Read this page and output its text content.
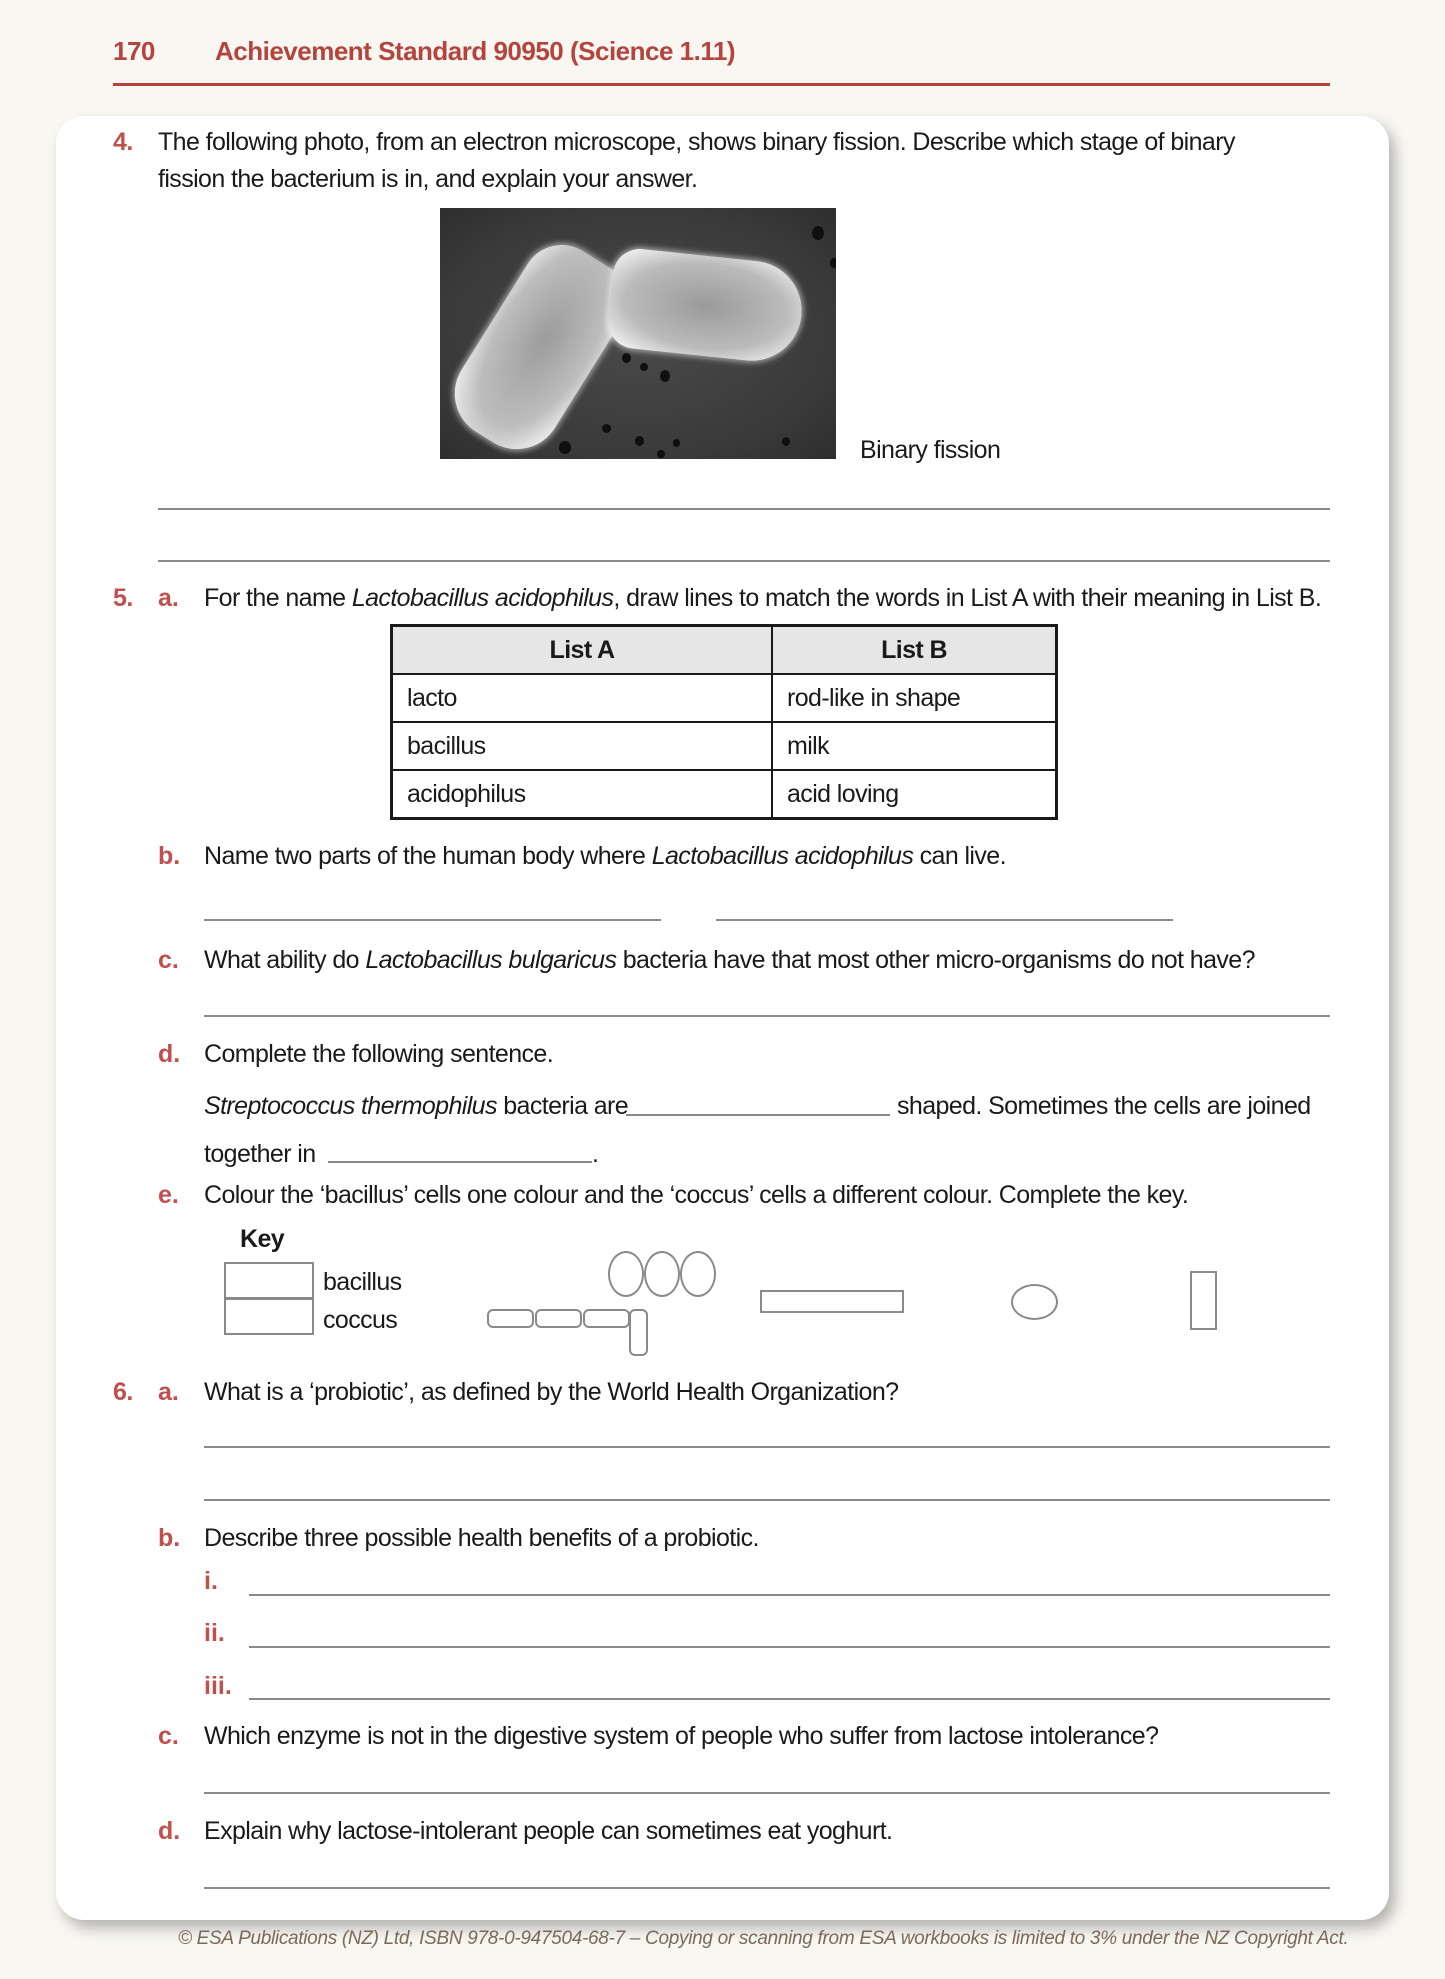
170 Achievement Standard 90950 (Science 1.11)
4. The following photo, from an electron microscope, shows binary fission. Describe which stage of binary
fission the bacterium is in, and explain your answer.
Binary fission
5. a. For the name Lactobacillus acidophilus, draw lines to match the words in List A with their meaning in List B.
List A	List B
lacto	rod-like in shape
bacillus	milk
acidophilus	acid loving
b. Name two parts of the human body where Lactobacillus acidophilus can live.
c. What ability do Lactobacillus bulgaricus bacteria have that most other micro-organisms do not have?
d. Complete the following sentence.
Streptococcus thermophilus bacteria are	shaped. Sometimes the cells are joined
together in	.
e. Colour the ‘bacillus’ cells one colour and the ‘coccus’ cells a different colour. Complete the key.
Key
bacillus
coccus
6. a. What is a ‘probiotic’, as defined by the World Health Organization?
b. Describe three possible health benefits of a probiotic.
i.
ii.
iii.
c. Which enzyme is not in the digestive system of people who suffer from lactose intolerance?
d. Explain why lactose-intolerant people can sometimes eat yoghurt.
© ESA Publications (NZ) Ltd, ISBN 978-0-947504-68-7 – Copying or scanning from ESA workbooks is limited to 3% under the NZ Copyright Act.
